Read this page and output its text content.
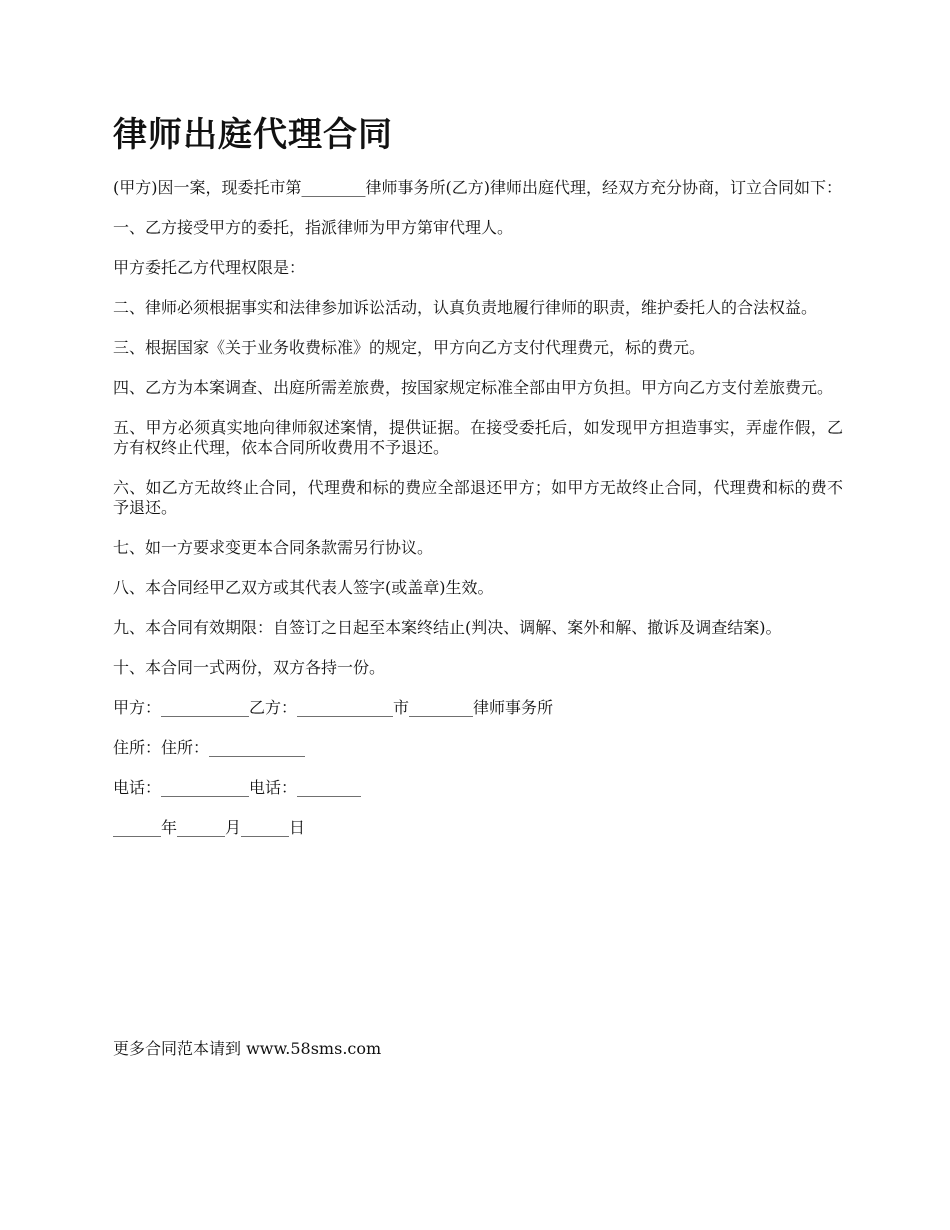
律师出庭代理合同

(甲方)因一案，现委托市第________律师事务所(乙方)律师出庭代理，经双方充分协商，订立合同如下：

一、乙方接受甲方的委托，指派律师为甲方第审代理人。

甲方委托乙方代理权限是：

二、律师必须根据事实和法律参加诉讼活动，认真负责地履行律师的职责，维护委托人的合法权益。

三、根据国家《关于业务收费标准》的规定，甲方向乙方支付代理费元，标的费元。

四、乙方为本案调查、出庭所需差旅费，按国家规定标准全部由甲方负担。甲方向乙方支付差旅费元。

五、甲方必须真实地向律师叙述案情，提供证据。在接受委托后，如发现甲方担造事实，弄虚作假，乙方有权终止代理，依本合同所收费用不予退还。

六、如乙方无故终止合同，代理费和标的费应全部退还甲方；如甲方无故终止合同，代理费和标的费不予退还。

七、如一方要求变更本合同条款需另行协议。

八、本合同经甲乙双方或其代表人签字(或盖章)生效。

九、本合同有效期限：自签订之日起至本案终结止(判决、调解、案外和解、撤诉及调查结案)。

十、本合同一式两份，双方各持一份。

甲方：___________乙方：____________市________律师事务所
住所：住所：____________
电话：___________电话：________
______年______月______日
更多合同范本请到 www.58sms.com
